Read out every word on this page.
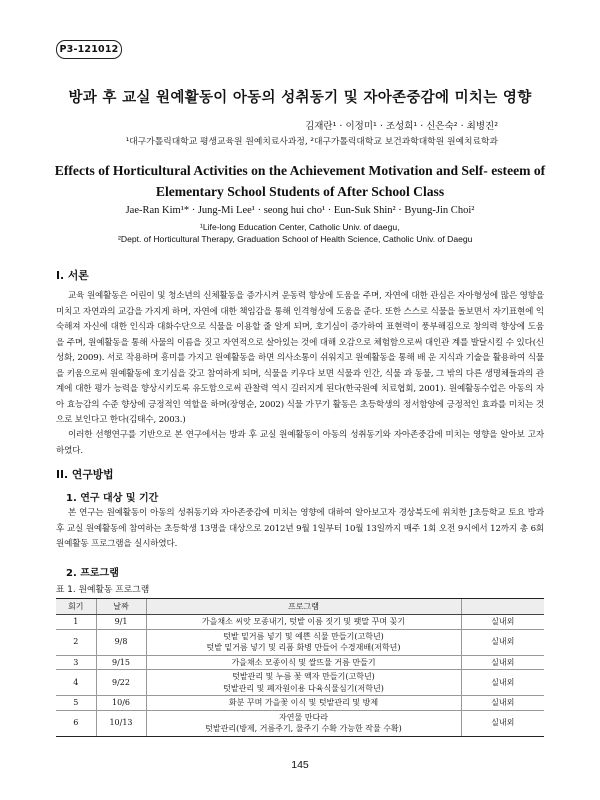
P3-121012
방과 후 교실 원예활동이 아동의 성취동기 및 자아존중감에 미치는 영향
김재란¹ · 이정미¹ · 조성희¹ · 신은숙² · 최병진²
¹대구가톨릭대학교 평생교육원 원예치료사과정, ²대구가톨릭대학교 보건과학대학원 원예치료학과
Effects of Horticultural Activities on the Achievement Motivation and Self- esteem of
Elementary School Students of After School Class
Jae-Ran Kim¹* · Jung-Mi Lee¹ · seong hui cho¹ · Eun-Suk Shin² · Byung-Jin Choi²
¹Life-long Education Center, Catholic Univ. of daegu,
²Dept. of Horticultural Therapy, Graduation School of Health Science, Catholic Univ. of Daegu
I. 서론
교육 원예활동은 어린이 및 청소년의 신체활동을 증가시켜 운동력 향상에 도움을 주며, 자연에 대한 관심은 자아형성에 많은 영향을 미치고 자연과의 교감을 가지게 하며, 자연에 대한 책임감을 통해 인격형성에 도움을 준다. 또한 스스로 식물을 돌보면서 자기표현에 익숙해져 자신에 대한 인식과 대화수단으로 식물을 이용할 줄 알게 되며, 호기심이 증가하여 표현력이 풍부해짐으로 창의력 향상에 도움을 주며, 원예활동을 통해 사물의 이름을 짓고 자연적으로 살아있는 것에 대해 오감으로 체험함으로써 대인관 계를 발달시킬 수 있다(신성화, 2009). 서로 작용하며 흥미를 가지고 원예활동을 하면 의사소통이 쉬워지고 원예활동을 통해 배 운 지식과 기술을 활용하여 식물을 키움으로써 원예활동에 호기심을 갖고 참여하게 되며, 식물을 키우다 보면 식물과 인간, 식물 과 동물, 그 밖의 다른 생명체들과의 관계에 대한 평가 능력을 향상시키도록 유도함으로써 관찰력 역시 길러지게 된다(한국원예 치료협회, 2001). 원예활동수업은 아동의 자아 효능감의 수준 향상에 긍정적인 역할을 하며(장영순, 2002) 식물 가꾸기 활동은 초등학생의 정서함양에 긍정적인 효과를 미치는 것으로 보인다고 한다(김태수, 2003.)
이러한 선행연구를 기반으로 본 연구에서는 방과 후 교실 원예활동이 아동의 성취동기와 자아존중감에 미치는 영향을 알아보 고자 하였다.
II. 연구방법
1. 연구 대상 및 기간
본 연구는 원예활동이 아동의 성취동기와 자아존중감에 미치는 영향에 대하여 알아보고자 경상북도에 위치한 J초등학교 토요 방과 후 교실 원예활동에 참여하는 초등학생 13명을 대상으로 2012년 9월 1일부터 10월 13일까지 매주 1회 오전 9시에서 12까지 총 6회 원예활동 프로그램을 실시하였다.
2. 프로그램
표 1. 원예활동 프로그램
회기	날짜	프로그램	
1	9/1	가을채소 씨앗 모종내기, 텃밭 이름 짓기 및 팻말 꾸며 꽂기	실내외
2	9/8	텃밭 밑거름 넣기 및 예쁜 식물 만들기(고학년)
텃밭 밑거름 넣기 및 리폼 화병 만들어 수경재배(저학년)	실내외
3	9/15	가을채소 모종이식 및 쌀뜨물 거름 만들기	실내외
4	9/22	텃밭관리 및 누름 꽃 액자 만들기(고학년)
텃밭관리 및 폐자원이용 다육식물심기(저학년)	실내외
5	10/6	화분 꾸며 가을꽃 이식 및 텃밭관리 및 방제	실내외
6	10/13	자연물 만다라
텃밭관리(방제, 거름주기, 물주기 수확 가능한 작물 수확)	실내외
145
